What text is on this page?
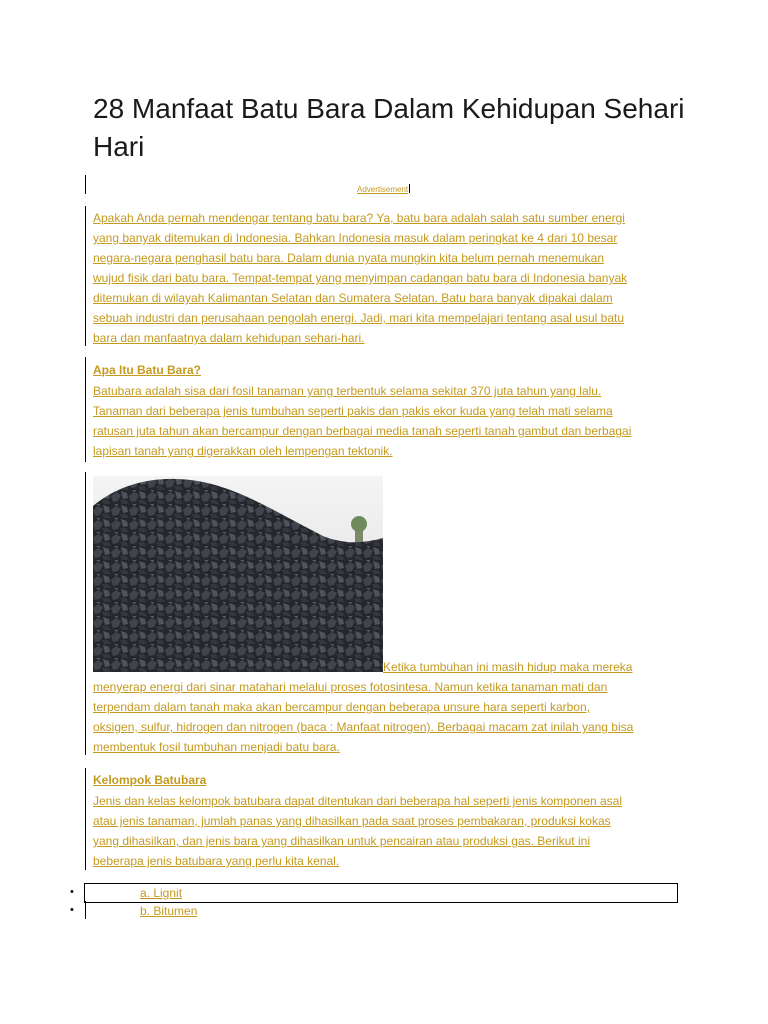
28 Manfaat Batu Bara Dalam Kehidupan Sehari Hari
Advertisement
Apakah Anda pernah mendengar tentang batu bara? Ya, batu bara adalah salah satu sumber energi
yang banyak ditemukan di Indonesia. Bahkan Indonesia masuk dalam peringkat ke 4 dari 10 besar
negara-negara penghasil batu bara. Dalam dunia nyata mungkin kita belum pernah menemukan
wujud fisik dari batu bara. Tempat-tempat yang menyimpan cadangan batu bara di Indonesia banyak
ditemukan di wilayah Kalimantan Selatan dan Sumatera Selatan. Batu bara banyak dipakai dalam
sebuah industri dan perusahaan pengolah energi. Jadi, mari kita mempelajari tentang asal usul batu
bara dan manfaatnya dalam kehidupan sehari-hari.
Apa Itu Batu Bara?
Batubara adalah sisa dari fosil tanaman yang terbentuk selama sekitar 370 juta tahun yang lalu.
Tanaman dari beberapa jenis tumbuhan seperti pakis dan pakis ekor kuda yang telah mati selama
ratusan juta tahun akan bercampur dengan berbagai media tanah seperti tanah gambut dan berbagai
lapisan tanah yang digerakkan oleh lempengan tektonik.
Ketika tumbuhan ini masih hidup maka mereka
menyerap energi dari sinar matahari melalui proses fotosintesa. Namun ketika tanaman mati dan
terpendam dalam tanah maka akan bercampur dengan beberapa unsure hara seperti karbon,
oksigen, sulfur, hidrogen dan nitrogen (baca : Manfaat nitrogen). Berbagai macam zat inilah yang bisa
membentuk fosil tumbuhan menjadi batu bara.
Kelompok Batubara
Jenis dan kelas kelompok batubara dapat ditentukan dari beberapa hal seperti jenis komponen asal
atau jenis tanaman, jumlah panas yang dihasilkan pada saat proses pembakaran, produksi kokas
yang dihasilkan, dan jenis bara yang dihasilkan untuk pencairan atau produksi gas. Berikut ini
beberapa jenis batubara yang perlu kita kenal.
•	a. Lignit
•	b. Bitumen
